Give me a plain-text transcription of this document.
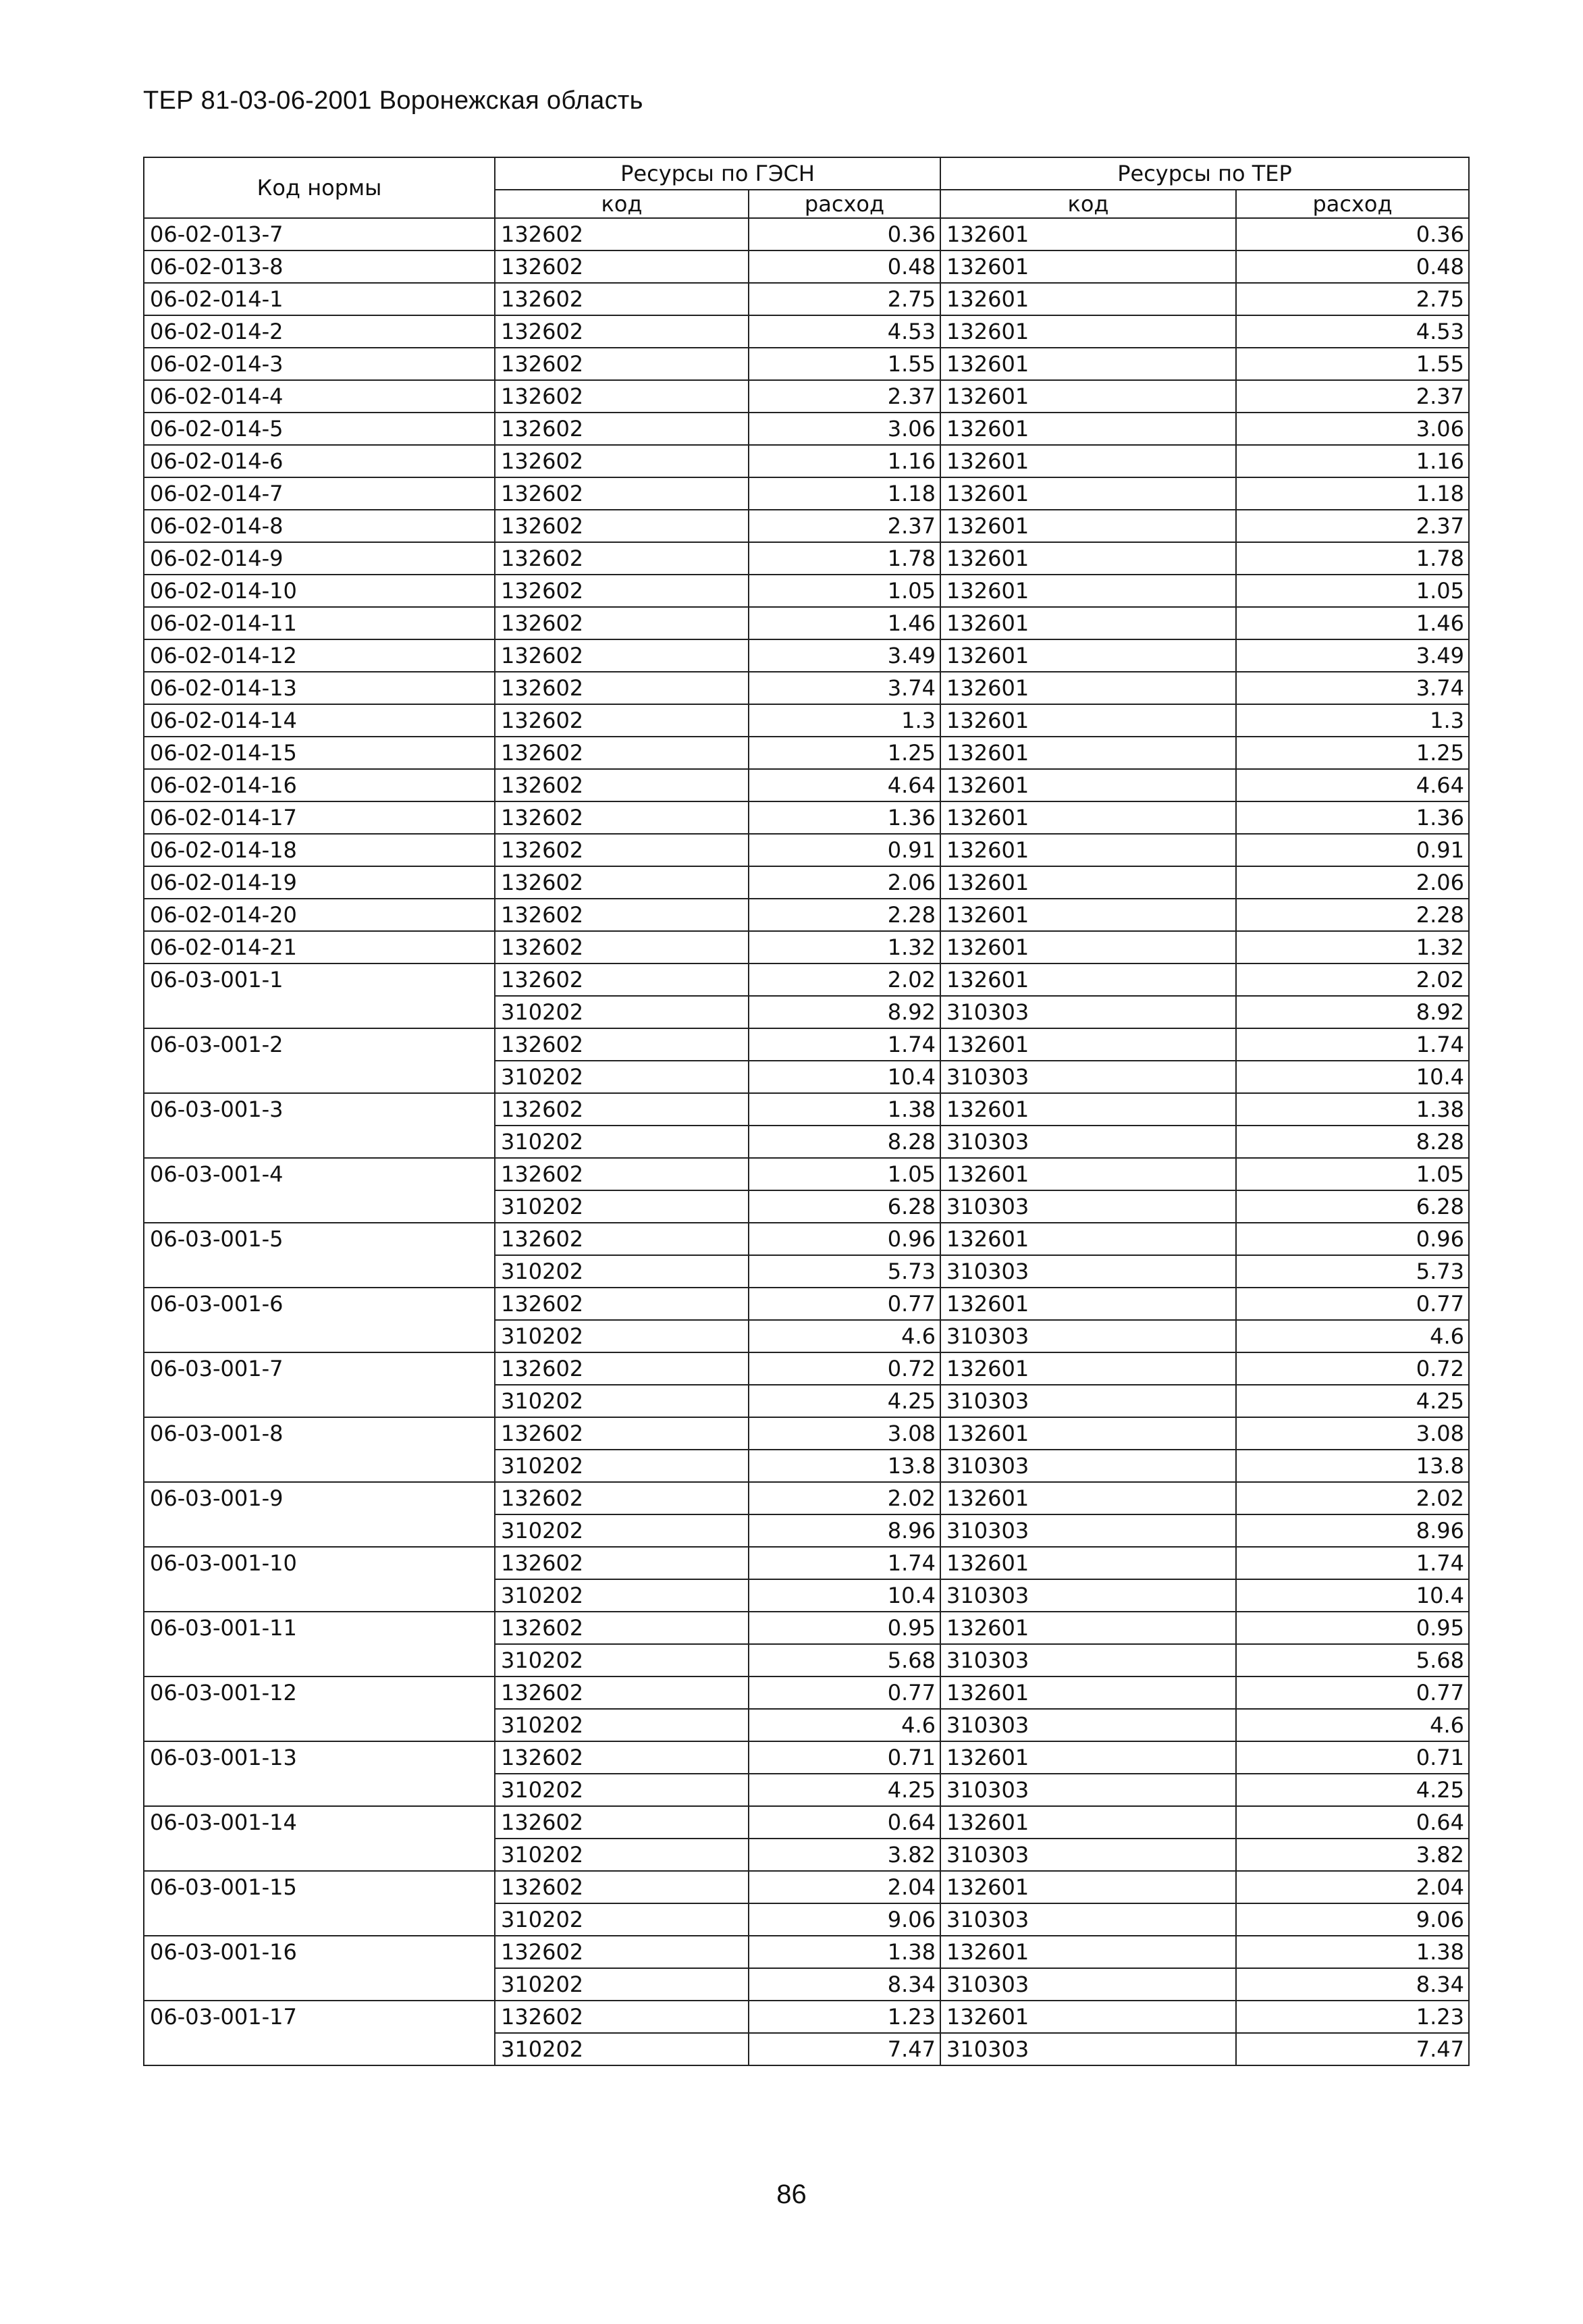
ТЕР 81-03-06-2001 Воронежская область
Код нормы	Ресурсы по ГЭСН		Ресурсы по ТЕР	
	код	расход	код	расход
06-02-013-7	132602	0.36	132601	0.36
06-02-013-8	132602	0.48	132601	0.48
06-02-014-1	132602	2.75	132601	2.75
06-02-014-2	132602	4.53	132601	4.53
06-02-014-3	132602	1.55	132601	1.55
06-02-014-4	132602	2.37	132601	2.37
06-02-014-5	132602	3.06	132601	3.06
06-02-014-6	132602	1.16	132601	1.16
06-02-014-7	132602	1.18	132601	1.18
06-02-014-8	132602	2.37	132601	2.37
06-02-014-9	132602	1.78	132601	1.78
06-02-014-10	132602	1.05	132601	1.05
06-02-014-11	132602	1.46	132601	1.46
06-02-014-12	132602	3.49	132601	3.49
06-02-014-13	132602	3.74	132601	3.74
06-02-014-14	132602	1.3	132601	1.3
06-02-014-15	132602	1.25	132601	1.25
06-02-014-16	132602	4.64	132601	4.64
06-02-014-17	132602	1.36	132601	1.36
06-02-014-18	132602	0.91	132601	0.91
06-02-014-19	132602	2.06	132601	2.06
06-02-014-20	132602	2.28	132601	2.28
06-02-014-21	132602	1.32	132601	1.32
06-03-001-1	132602	2.02	132601	2.02
	310202	8.92	310303	8.92
06-03-001-2	132602	1.74	132601	1.74
	310202	10.4	310303	10.4
06-03-001-3	132602	1.38	132601	1.38
	310202	8.28	310303	8.28
06-03-001-4	132602	1.05	132601	1.05
	310202	6.28	310303	6.28
06-03-001-5	132602	0.96	132601	0.96
	310202	5.73	310303	5.73
06-03-001-6	132602	0.77	132601	0.77
	310202	4.6	310303	4.6
06-03-001-7	132602	0.72	132601	0.72
	310202	4.25	310303	4.25
06-03-001-8	132602	3.08	132601	3.08
	310202	13.8	310303	13.8
06-03-001-9	132602	2.02	132601	2.02
	310202	8.96	310303	8.96
06-03-001-10	132602	1.74	132601	1.74
	310202	10.4	310303	10.4
06-03-001-11	132602	0.95	132601	0.95
	310202	5.68	310303	5.68
06-03-001-12	132602	0.77	132601	0.77
	310202	4.6	310303	4.6
06-03-001-13	132602	0.71	132601	0.71
	310202	4.25	310303	4.25
06-03-001-14	132602	0.64	132601	0.64
	310202	3.82	310303	3.82
06-03-001-15	132602	2.04	132601	2.04
	310202	9.06	310303	9.06
06-03-001-16	132602	1.38	132601	1.38
	310202	8.34	310303	8.34
06-03-001-17	132602	1.23	132601	1.23
	310202	7.47	310303	7.47
86
